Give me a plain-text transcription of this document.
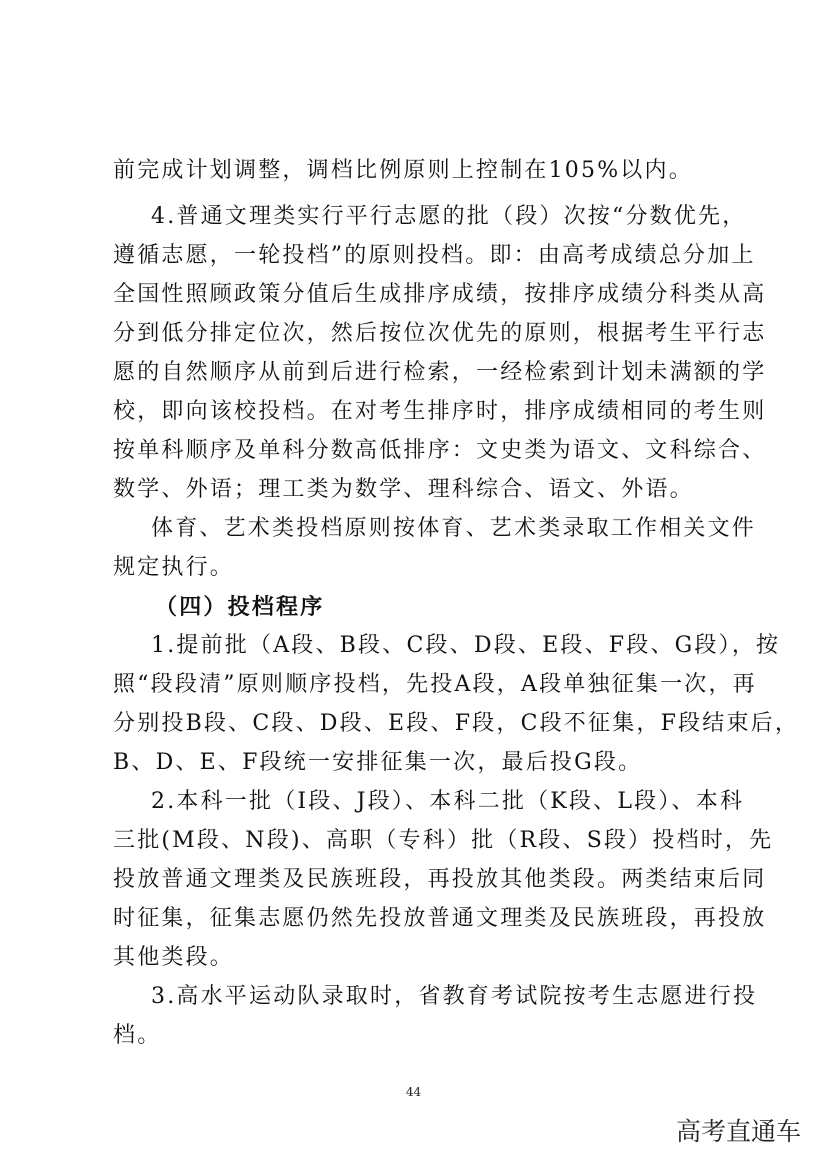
前完成计划调整，调档比例原则上控制在105%以内。
4.普通文理类实行平行志愿的批（段）次按“分数优先，
遵循志愿，一轮投档”的原则投档。即：由高考成绩总分加上
全国性照顾政策分值后生成排序成绩，按排序成绩分科类从高
分到低分排定位次，然后按位次优先的原则，根据考生平行志
愿的自然顺序从前到后进行检索，一经检索到计划未满额的学
校，即向该校投档。在对考生排序时，排序成绩相同的考生则
按单科顺序及单科分数高低排序：文史类为语文、文科综合、
数学、外语；理工类为数学、理科综合、语文、外语。
体育、艺术类投档原则按体育、艺术类录取工作相关文件
规定执行。
（四）投档程序
1.提前批（A段、B段、C段、D段、E段、F段、G段），按
照“段段清”原则顺序投档，先投A段，A段单独征集一次，再
分别投B段、C段、D段、E段、F段，C段不征集，F段结束后，
B、D、E、F段统一安排征集一次，最后投G段。
2.本科一批（I段、J段）、本科二批（K段、L段）、本科
三批(M段、N段)、高职（专科）批（R段、S段）投档时，先
投放普通文理类及民族班段，再投放其他类段。两类结束后同
时征集，征集志愿仍然先投放普通文理类及民族班段，再投放
其他类段。
3.高水平运动队录取时，省教育考试院按考生志愿进行投
档。
44
高考直通车
